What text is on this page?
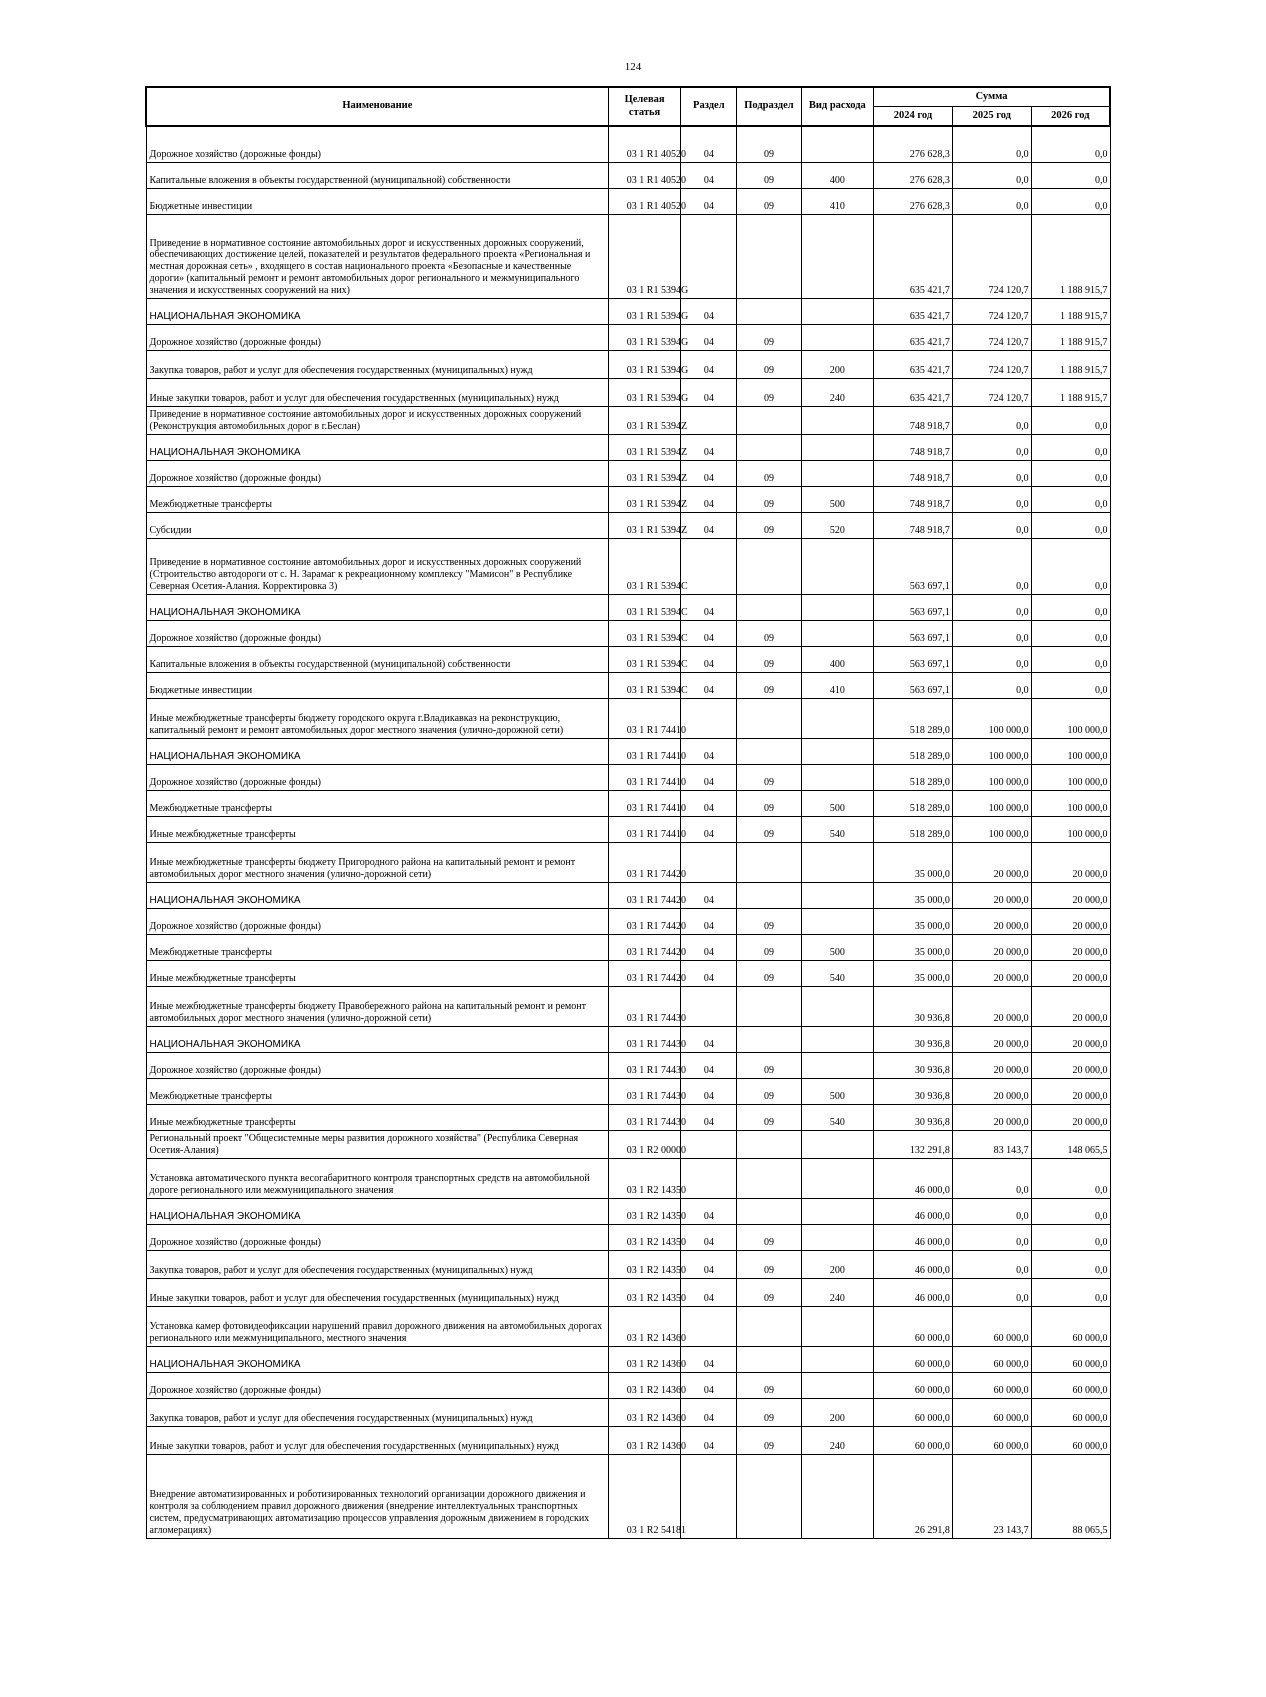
124
Наименование	Целевая статья	Раздел	Подраздел	Вид расхода	Сумма		
					2024 год	2025 год	2026 год
Дорожное хозяйство (дорожные фонды)	03 1 R1 40520	04	09		276 628,3	0,0	0,0
Капитальные вложения в объекты государственной (муниципальной) собственности	03 1 R1 40520	04	09	400	276 628,3	0,0	0,0
Бюджетные инвестиции	03 1 R1 40520	04	09	410	276 628,3	0,0	0,0
Приведение в нормативное состояние автомобильных дорог и искусственных дорожных сооружений, обеспечивающих достижение целей, показателей и результатов федерального проекта «Региональная и местная дорожная сеть» , входящего в состав национального проекта «Безопасные и качественные дороги» (капитальный ремонт и ремонт автомобильных дорог регионального и межмуниципального значения и искусственных сооружений на них)	03 1 R1 5394G				635 421,7	724 120,7	1 188 915,7
НАЦИОНАЛЬНАЯ ЭКОНОМИКА	03 1 R1 5394G	04			635 421,7	724 120,7	1 188 915,7
Дорожное хозяйство (дорожные фонды)	03 1 R1 5394G	04	09		635 421,7	724 120,7	1 188 915,7
Закупка товаров, работ и услуг для обеспечения государственных (муниципальных) нужд	03 1 R1 5394G	04	09	200	635 421,7	724 120,7	1 188 915,7
Иные закупки товаров, работ и услуг для обеспечения государственных (муниципальных) нужд	03 1 R1 5394G	04	09	240	635 421,7	724 120,7	1 188 915,7
Приведение в нормативное состояние автомобильных дорог и искусственных дорожных сооружений (Реконструкция автомобильных дорог в г.Беслан)	03 1 R1 5394Z				748 918,7	0,0	0,0
НАЦИОНАЛЬНАЯ ЭКОНОМИКА	03 1 R1 5394Z	04			748 918,7	0,0	0,0
Дорожное хозяйство (дорожные фонды)	03 1 R1 5394Z	04	09		748 918,7	0,0	0,0
Межбюджетные трансферты	03 1 R1 5394Z	04	09	500	748 918,7	0,0	0,0
Субсидии	03 1 R1 5394Z	04	09	520	748 918,7	0,0	0,0
Приведение в нормативное состояние автомобильных дорог и искусственных дорожных сооружений (Строительство автодороги от с. Н. Зарамаг к рекреационному комплексу "Мамисон" в Республике Северная Осетия-Алания. Корректировка 3)	03 1 R1 5394C				563 697,1	0,0	0,0
НАЦИОНАЛЬНАЯ ЭКОНОМИКА	03 1 R1 5394C	04			563 697,1	0,0	0,0
Дорожное хозяйство (дорожные фонды)	03 1 R1 5394C	04	09		563 697,1	0,0	0,0
Капитальные вложения в объекты государственной (муниципальной) собственности	03 1 R1 5394C	04	09	400	563 697,1	0,0	0,0
Бюджетные инвестиции	03 1 R1 5394C	04	09	410	563 697,1	0,0	0,0
Иные межбюджетные трансферты бюджету городского округа г.Владикавказ на реконструкцию, капитальный ремонт и ремонт автомобильных дорог местного значения (улично-дорожной сети)	03 1 R1 74410				518 289,0	100 000,0	100 000,0
НАЦИОНАЛЬНАЯ ЭКОНОМИКА	03 1 R1 74410	04			518 289,0	100 000,0	100 000,0
Дорожное хозяйство (дорожные фонды)	03 1 R1 74410	04	09		518 289,0	100 000,0	100 000,0
Межбюджетные трансферты	03 1 R1 74410	04	09	500	518 289,0	100 000,0	100 000,0
Иные межбюджетные трансферты	03 1 R1 74410	04	09	540	518 289,0	100 000,0	100 000,0
Иные межбюджетные трансферты бюджету Пригородного района на капитальный ремонт и ремонт автомобильных дорог местного значения (улично-дорожной сети)	03 1 R1 74420				35 000,0	20 000,0	20 000,0
НАЦИОНАЛЬНАЯ ЭКОНОМИКА	03 1 R1 74420	04			35 000,0	20 000,0	20 000,0
Дорожное хозяйство (дорожные фонды)	03 1 R1 74420	04	09		35 000,0	20 000,0	20 000,0
Межбюджетные трансферты	03 1 R1 74420	04	09	500	35 000,0	20 000,0	20 000,0
Иные межбюджетные трансферты	03 1 R1 74420	04	09	540	35 000,0	20 000,0	20 000,0
Иные межбюджетные трансферты бюджету Правобережного района на капитальный ремонт и ремонт автомобильных дорог местного значения (улично-дорожной сети)	03 1 R1 74430				30 936,8	20 000,0	20 000,0
НАЦИОНАЛЬНАЯ ЭКОНОМИКА	03 1 R1 74430	04			30 936,8	20 000,0	20 000,0
Дорожное хозяйство (дорожные фонды)	03 1 R1 74430	04	09		30 936,8	20 000,0	20 000,0
Межбюджетные трансферты	03 1 R1 74430	04	09	500	30 936,8	20 000,0	20 000,0
Иные межбюджетные трансферты	03 1 R1 74430	04	09	540	30 936,8	20 000,0	20 000,0
Региональный проект "Общесистемные меры развития дорожного хозяйства" (Республика Северная Осетия-Алания)	03 1 R2 00000				132 291,8	83 143,7	148 065,5
Установка автоматического пункта весогабаритного контроля транспортных средств на автомобильной дороге регионального или межмуниципального значения	03 1 R2 14350				46 000,0	0,0	0,0
НАЦИОНАЛЬНАЯ ЭКОНОМИКА	03 1 R2 14350	04			46 000,0	0,0	0,0
Дорожное хозяйство (дорожные фонды)	03 1 R2 14350	04	09		46 000,0	0,0	0,0
Закупка товаров, работ и услуг для обеспечения государственных (муниципальных) нужд	03 1 R2 14350	04	09	200	46 000,0	0,0	0,0
Иные закупки товаров, работ и услуг для обеспечения государственных (муниципальных) нужд	03 1 R2 14350	04	09	240	46 000,0	0,0	0,0
Установка камер фотовидеофиксации нарушений правил дорожного движения на автомобильных дорогах регионального или межмуниципального, местного значения	03 1 R2 14360				60 000,0	60 000,0	60 000,0
НАЦИОНАЛЬНАЯ ЭКОНОМИКА	03 1 R2 14360	04			60 000,0	60 000,0	60 000,0
Дорожное хозяйство (дорожные фонды)	03 1 R2 14360	04	09		60 000,0	60 000,0	60 000,0
Закупка товаров, работ и услуг для обеспечения государственных (муниципальных) нужд	03 1 R2 14360	04	09	200	60 000,0	60 000,0	60 000,0
Иные закупки товаров, работ и услуг для обеспечения государственных (муниципальных) нужд	03 1 R2 14360	04	09	240	60 000,0	60 000,0	60 000,0
Внедрение автоматизированных и роботизированных технологий организации дорожного движения и контроля за соблюдением правил дорожного движения (внедрение интеллектуальных транспортных систем, предусматривающих автоматизацию процессов управления дорожным движением в городских агломерациях)	03 1 R2 54181				26 291,8	23 143,7	88 065,5
